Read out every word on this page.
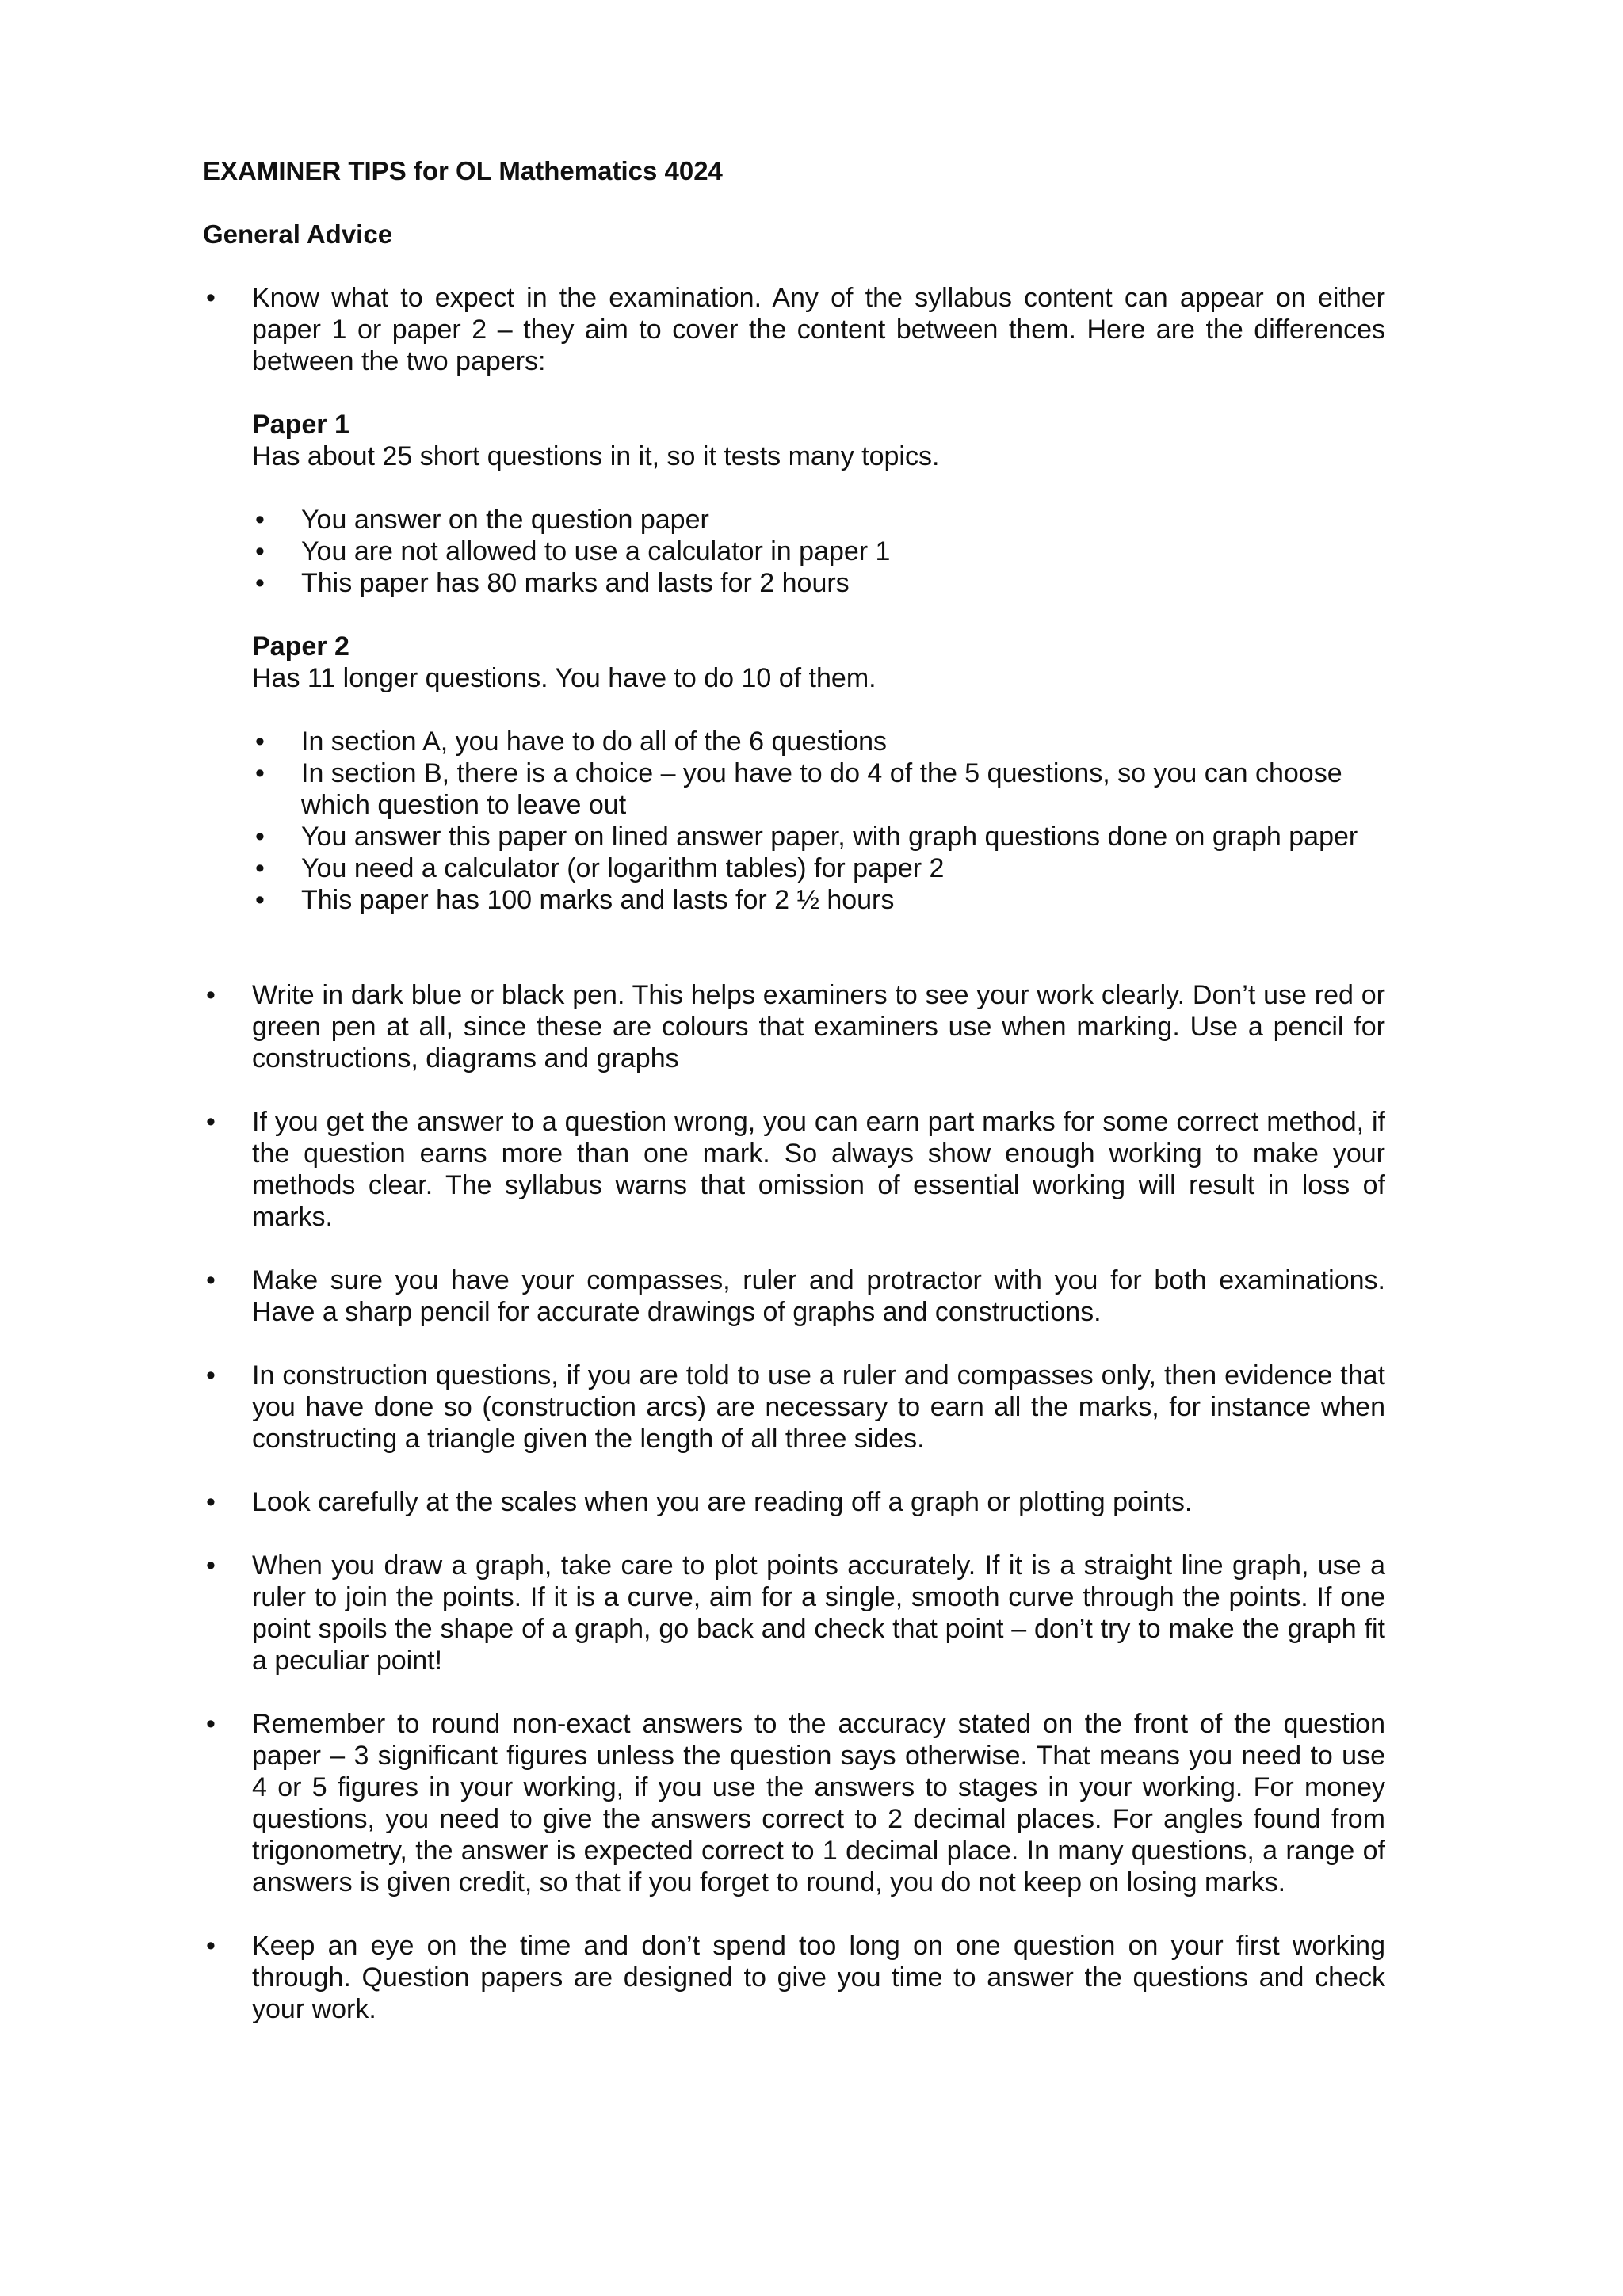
EXAMINER TIPS for OL Mathematics 4024
General Advice
• Know what to expect in the examination. Any of the syllabus content can appear on either paper 1 or paper 2 – they aim to cover the content between them. Here are the differences between the two papers:

Paper 1

Has about 25 short questions in it, so it tests many topics.

• You answer on the question paper
• You are not allowed to use a calculator in paper 1
• This paper has 80 marks and lasts for 2 hours

Paper 2

Has 11 longer questions. You have to do 10 of them.

• In section A, you have to do all of the 6 questions
• In section B, there is a choice – you have to do 4 of the 5 questions, so you can choose which question to leave out
• You answer this paper on lined answer paper, with graph questions done on graph paper
• You need a calculator (or logarithm tables) for paper 2
• This paper has 100 marks and lasts for 2 ½ hours
• Write in dark blue or black pen. This helps examiners to see your work clearly. Don’t use red or green pen at all, since these are colours that examiners use when marking. Use a pencil for constructions, diagrams and graphs

• If you get the answer to a question wrong, you can earn part marks for some correct method, if the question earns more than one mark. So always show enough working to make your methods clear. The syllabus warns that omission of essential working will result in loss of marks.

• Make sure you have your compasses, ruler and protractor with you for both examinations. Have a sharp pencil for accurate drawings of graphs and constructions.

• In construction questions, if you are told to use a ruler and compasses only, then evidence that you have done so (construction arcs) are necessary to earn all the marks, for instance when constructing a triangle given the length of all three sides.

• Look carefully at the scales when you are reading off a graph or plotting points.

• When you draw a graph, take care to plot points accurately. If it is a straight line graph, use a ruler to join the points. If it is a curve, aim for a single, smooth curve through the points. If one point spoils the shape of a graph, go back and check that point – don’t try to make the graph fit a peculiar point!

• Remember to round non-exact answers to the accuracy stated on the front of the question paper – 3 significant figures unless the question says otherwise. That means you need to use 4 or 5 figures in your working, if you use the answers to stages in your working. For money questions, you need to give the answers correct to 2 decimal places. For angles found from trigonometry, the answer is expected correct to 1 decimal place. In many questions, a range of answers is given credit, so that if you forget to round, you do not keep on losing marks.

• Keep an eye on the time and don’t spend too long on one question on your first working through. Question papers are designed to give you time to answer the questions and check your work.
